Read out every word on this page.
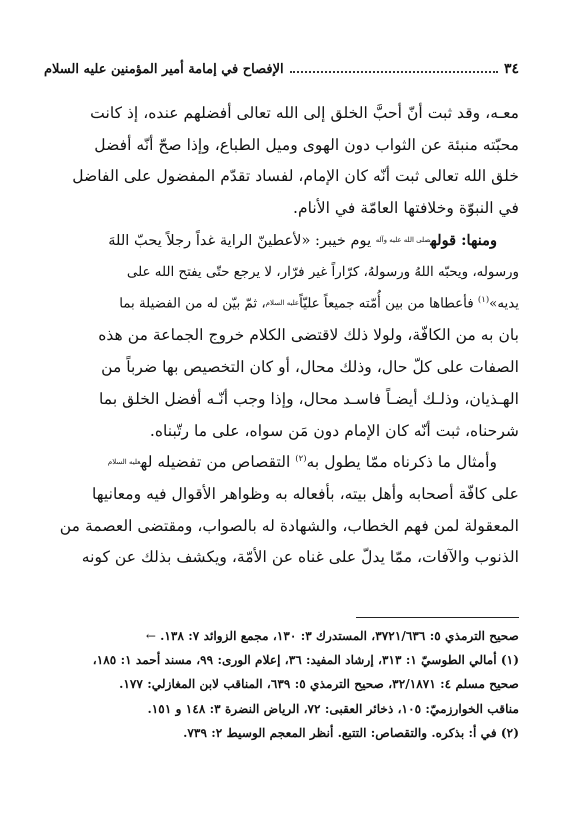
٣٤
الإفصاح في إمامة أمير المؤمنين عليه السلام

معـه، وقد ثبت أنّ أحبَّ الخلق إلى الله تعالى أفضلهم عنده، إذ كانت

محبّته منبئة عن الثواب دون الهوى وميل الطباع، وإذا صحّ أنّه أفضل

خلق الله تعالى ثبت أنّه كان الإمام، لفساد تقدّم المفضول على الفاضل

في النبوّة وخلافتها العامّة في الأنام.

ومنها: قولهصلى الله عليه وآله يوم خيبر: «لأعطينّ الراية غداً رجلاً يحبّ اللهَ

ورسوله، ويحبّه اللهُ ورسولهُ، كرّاراً غير فرّار، لا يرجع حتّى يفتح الله على

يديه»$^{(١)}$ فأعطاها من بين أُمّته جميعاً عليّاًعليه السلام، ثمّ بيّن له من الفضيلة بما

بان به من الكافّة، ولولا ذلك لاقتضى الكلام خروج الجماعة من هذه

الصفات على كلّ حال، وذلك محال، أو كان التخصيص بها ضرباً من

الهـذيان، وذلـك أيضـاً فاسـد محال، وإذا وجب أنّـه أفضل الخلق بما

شرحناه، ثبت أنّه كان الإمام دون مَن سواه، على ما رتّبناه.

وأمثال ما ذكرناه ممّا يطول به$^{(٢)}$ التقصاص من تفضيله لهعليه السلام

على كافّة أصحابه وأهل بيته، بأفعاله به وظواهر الأقوال فيه ومعانيها

المعقولة لمن فهم الخطاب، والشهادة له بالصواب، ومقتضى العصمة من

الذنوب والآفات، ممّا يدلّ على غناه عن الأمّة، ويكشف بذلك عن كونه

صحيح الترمذي ٥: ٣٧٢١/٦٣٦، المستدرك ٣: ١٣٠، مجمع الزوائد ٧: ١٣٨. ←

(١) أمالي الطوسيّ ١: ٣١٣، إرشاد المفيد: ٣٦، إعلام الورى: ٩٩، مسند أحمد ١: ١٨٥،

صحيح مسلم ٤: ٣٢/١٨٧١، صحيح الترمذي ٥: ٦٣٩، المناقب لابن المغازلي: ١٧٧.

مناقب الخوارزميّ: ١٠٥، ذخائر العقبى: ٧٢، الرياض النضرة ٣: ١٤٨ و ١٥١.

(٢) في أ: بذكره. والتقصاص: التتبع. أنظر المعجم الوسيط ٢: ٧٣٩.
